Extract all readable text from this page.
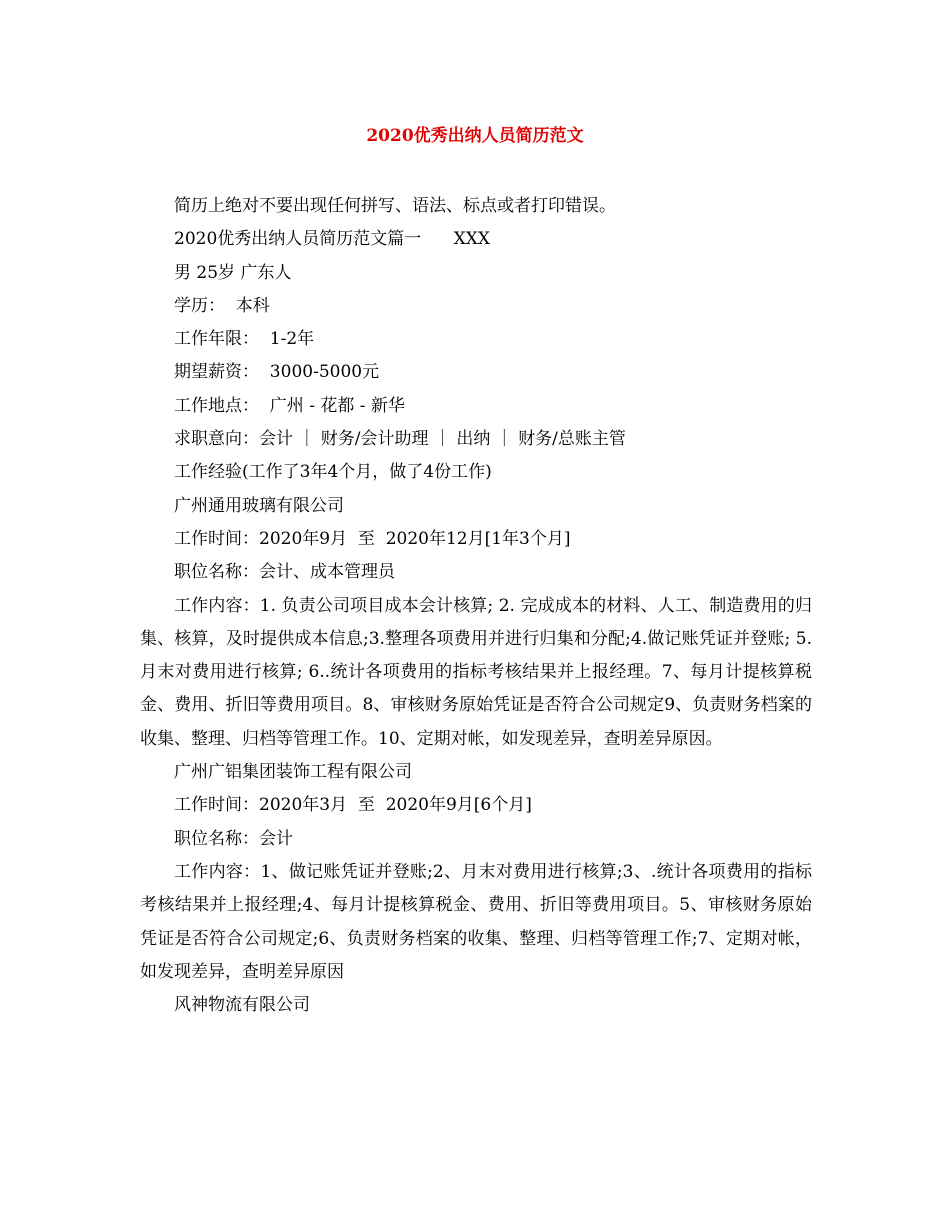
2020优秀出纳人员简历范文

简历上绝对不要出现任何拼写、语法、标点或者打印错误。

2020优秀出纳人员简历范文篇一      XXX

男 25岁 广东人

学历：  本科

工作年限：  1-2年

期望薪资：  3000-5000元

工作地点：  广州 - 花都 - 新华

求职意向：会计 ｜ 财务/会计助理 ｜ 出纳 ｜ 财务/总账主管

工作经验(工作了3年4个月，做了4份工作)

广州通用玻璃有限公司

工作时间：2020年9月  至  2020年12月[1年3个月]

职位名称：会计、成本管理员

工作内容：1. 负责公司项目成本会计核算; 2. 完成成本的材料、人工、制造费用的归集、核算，及时提供成本信息;3.整理各项费用并进行归集和分配;4.做记账凭证并登账; 5.月末对费用进行核算; 6..统计各项费用的指标考核结果并上报经理。7、每月计提核算税金、费用、折旧等费用项目。8、审核财务原始凭证是否符合公司规定9、负责财务档案的收集、整理、归档等管理工作。10、定期对帐，如发现差异，查明差异原因。

广州广铝集团装饰工程有限公司

工作时间：2020年3月  至  2020年9月[6个月]

职位名称：会计

工作内容：1、做记账凭证并登账;2、月末对费用进行核算;3、.统计各项费用的指标考核结果并上报经理;4、每月计提核算税金、费用、折旧等费用项目。5、审核财务原始凭证是否符合公司规定;6、负责财务档案的收集、整理、归档等管理工作;7、定期对帐，如发现差异，查明差异原因

风神物流有限公司
